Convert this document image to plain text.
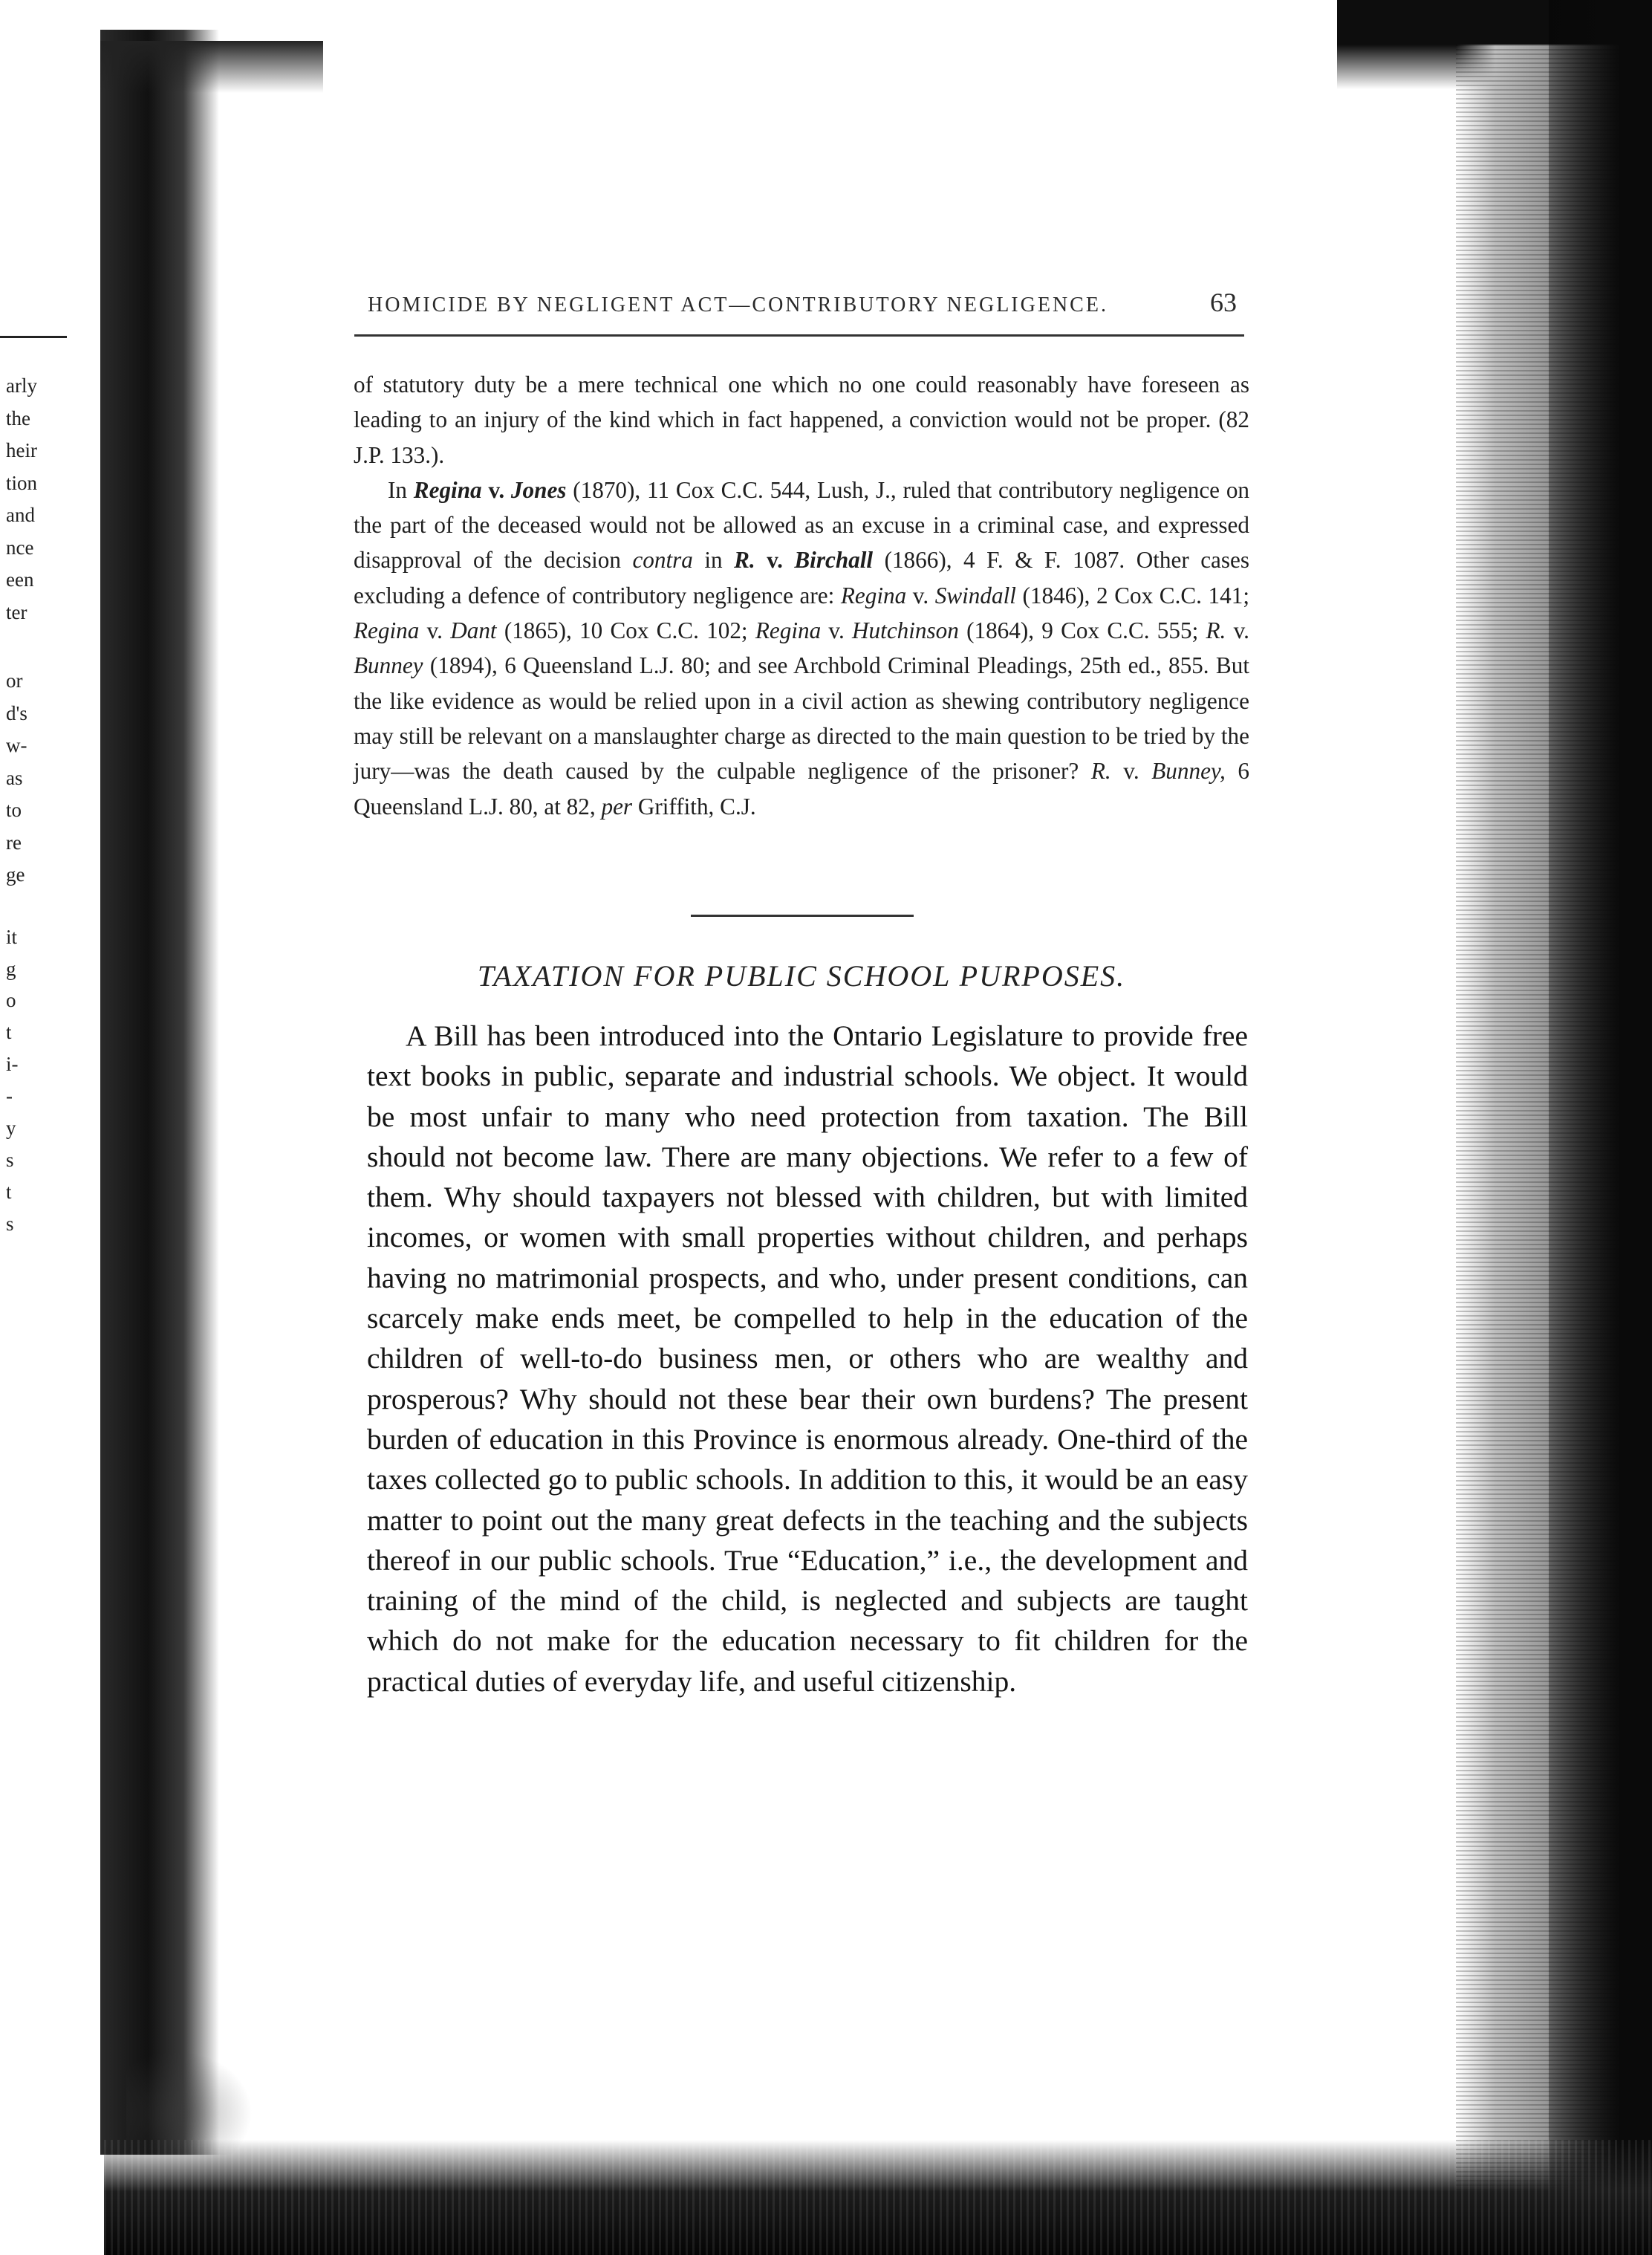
arly
the
heir
tion
and
nce
een
ter
or
d's
w-
as
to
re
ge
it
g
o
t
i-
-
y
s
t
s
HOMICIDE BY NEGLIGENT ACT—CONTRIBUTORY NEGLIGENCE.	63

of statutory duty be a mere technical one which no one could reasonably have foreseen as leading to an injury of the kind which in fact happened, a conviction would not be proper. (82 J.P. 133.).

In Regina v. Jones (1870), 11 Cox C.C. 544, Lush, J., ruled that contributory negligence on the part of the deceased would not be allowed as an excuse in a criminal case, and expressed disapproval of the decision contra in R. v. Birchall (1866), 4 F. & F. 1087. Other cases excluding a defence of contributory negligence are: Regina v. Swindall (1846), 2 Cox C.C. 141; Regina v. Dant (1865), 10 Cox C.C. 102; Regina v. Hutchinson (1864), 9 Cox C.C. 555; R. v. Bunney (1894), 6 Queensland L.J. 80; and see Archbold Criminal Pleadings, 25th ed., 855. But the like evidence as would be relied upon in a civil action as shewing contributory negligence may still be relevant on a manslaughter charge as directed to the main question to be tried by the jury—was the death caused by the culpable negligence of the prisoner? R. v. Bunney, 6 Queensland L.J. 80, at 82, per Griffith, C.J.

TAXATION FOR PUBLIC SCHOOL PURPOSES.

A Bill has been introduced into the Ontario Legislature to provide free text books in public, separate and industrial schools. We object. It would be most unfair to many who need protection from taxation. The Bill should not become law. There are many objections. We refer to a few of them. Why should taxpayers not blessed with children, but with limited incomes, or women with small properties without children, and perhaps having no matrimonial prospects, and who, under present conditions, can scarcely make ends meet, be compelled to help in the education of the children of well-to-do business men, or others who are wealthy and prosperous? Why should not these bear their own burdens? The present burden of education in this Province is enormous already. One-third of the taxes collected go to public schools. In addition to this, it would be an easy matter to point out the many great defects in the teaching and the subjects thereof in our public schools. True “Education,” i.e., the development and training of the mind of the child, is neglected and subjects are taught which do not make for the education necessary to fit children for the practical duties of everyday life, and useful citizenship.
